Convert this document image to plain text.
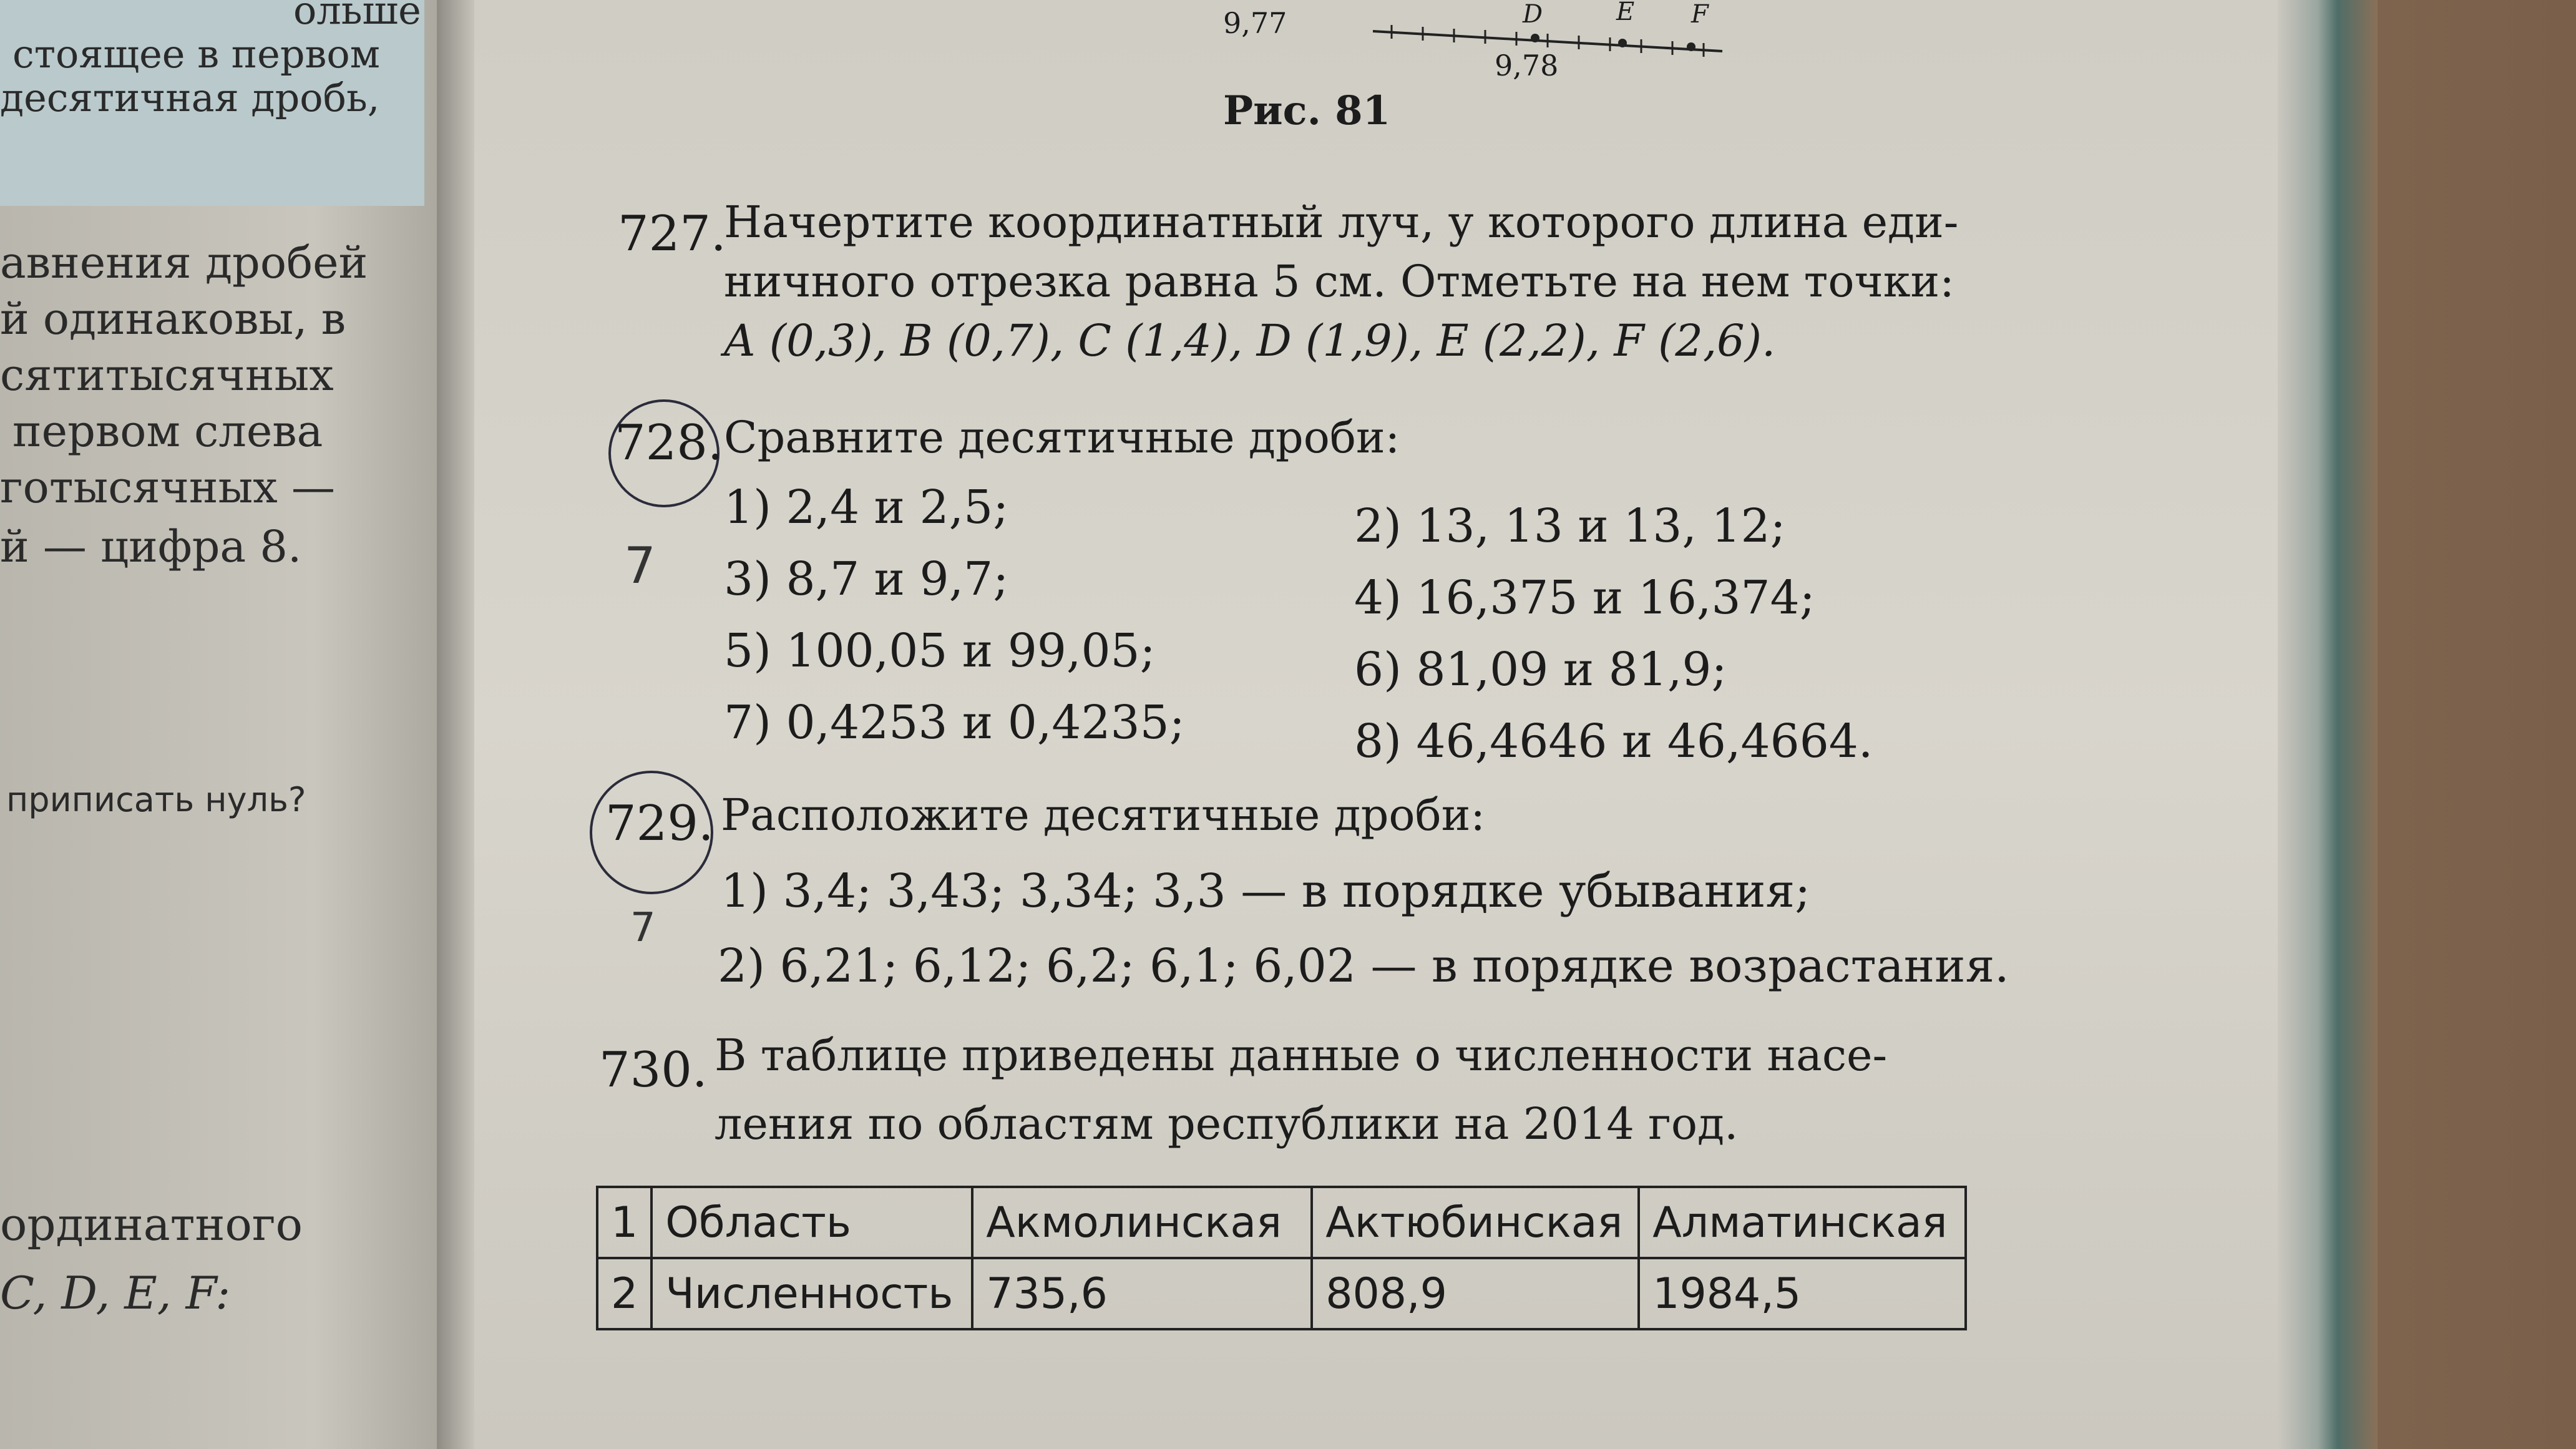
ольше
стоящее в первом
десятичная дробь,
авнения дробей
й одинаковы, в
сятитысячных
первом слева
готысячных —
й — цифра 8.
приписать нуль?
ординатного
C, D, E, F:
9,77
9,78
D	E F
Рис. 81
727.
Начертите координатный луч, у которого длина еди-
ничного отрезка равна 5 см. Отметьте на нем точки:
A (0,3), B (0,7), C (1,4), D (1,9), E (2,2), F (2,6).
728.
7
Сравните десятичные дроби:
1) 2,4 и 2,5;	2) 13, 13 и 13, 12;
3) 8,7 и 9,7;	4) 16,375 и 16,374;
5) 100,05 и 99,05;	6) 81,09 и 81,9;
7) 0,4253 и 0,4235;	8) 46,4646 и 46,4664.
729.
7
Расположите десятичные дроби:
1) 3,4; 3,43; 3,34; 3,3 — в порядке убывания;
2) 6,21; 6,12; 6,2; 6,1; 6,02 — в порядке возрастания.
730. В таблице приведены данные о численности насе-
ления по областям республики на 2014 год.
1	Область	Акмолинская	Актюбинская	Алматинская
2	Численность	735,6	808,9	1984,5
